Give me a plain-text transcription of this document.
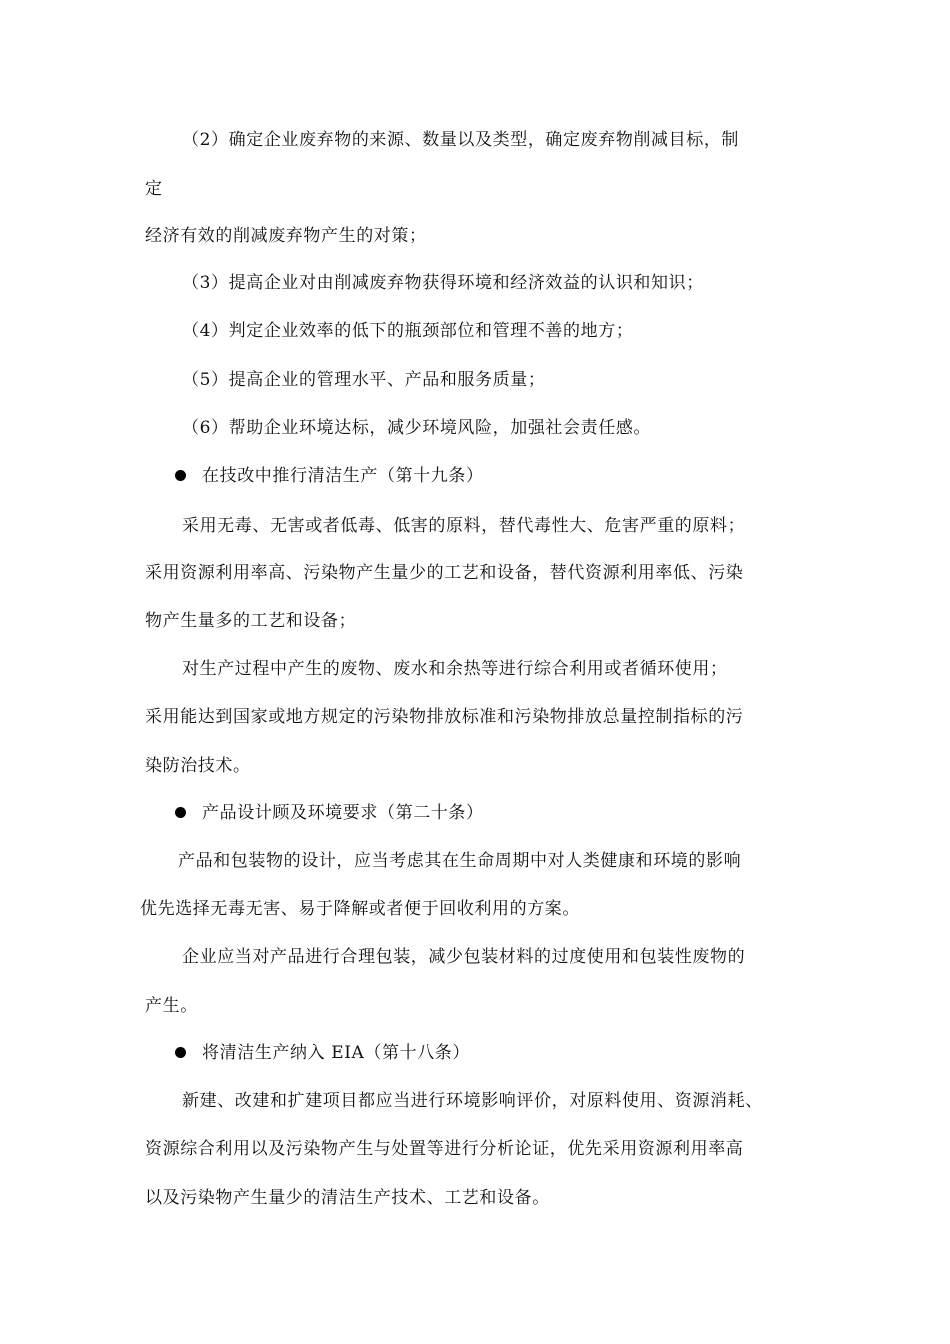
（2）确定企业废弃物的来源、数量以及类型，确定废弃物削减目标，制
定
经济有效的削减废弃物产生的对策；
（3）提高企业对由削减废弃物获得环境和经济效益的认识和知识；
（4）判定企业效率的低下的瓶颈部位和管理不善的地方；
（5）提高企业的管理水平、产品和服务质量；
（6）帮助企业环境达标，减少环境风险，加强社会责任感。
在技改中推行清洁生产（第十九条）
采用无毒、无害或者低毒、低害的原料，替代毒性大、危害严重的原料；
采用资源利用率高、污染物产生量少的工艺和设备，替代资源利用率低、污染
物产生量多的工艺和设备；
对生产过程中产生的废物、废水和余热等进行综合利用或者循环使用；
采用能达到国家或地方规定的污染物排放标准和污染物排放总量控制指标的污
染防治技术。
产品设计顾及环境要求（第二十条）
产品和包装物的设计，应当考虑其在生命周期中对人类健康和环境的影响
优先选择无毒无害、易于降解或者便于回收利用的方案。
企业应当对产品进行合理包装，减少包装材料的过度使用和包装性废物的
产生。
将清洁生产纳入 EIA（第十八条）
新建、改建和扩建项目都应当进行环境影响评价，对原料使用、资源消耗、
资源综合利用以及污染物产生与处置等进行分析论证，优先采用资源利用率高
以及污染物产生量少的清洁生产技术、工艺和设备。
